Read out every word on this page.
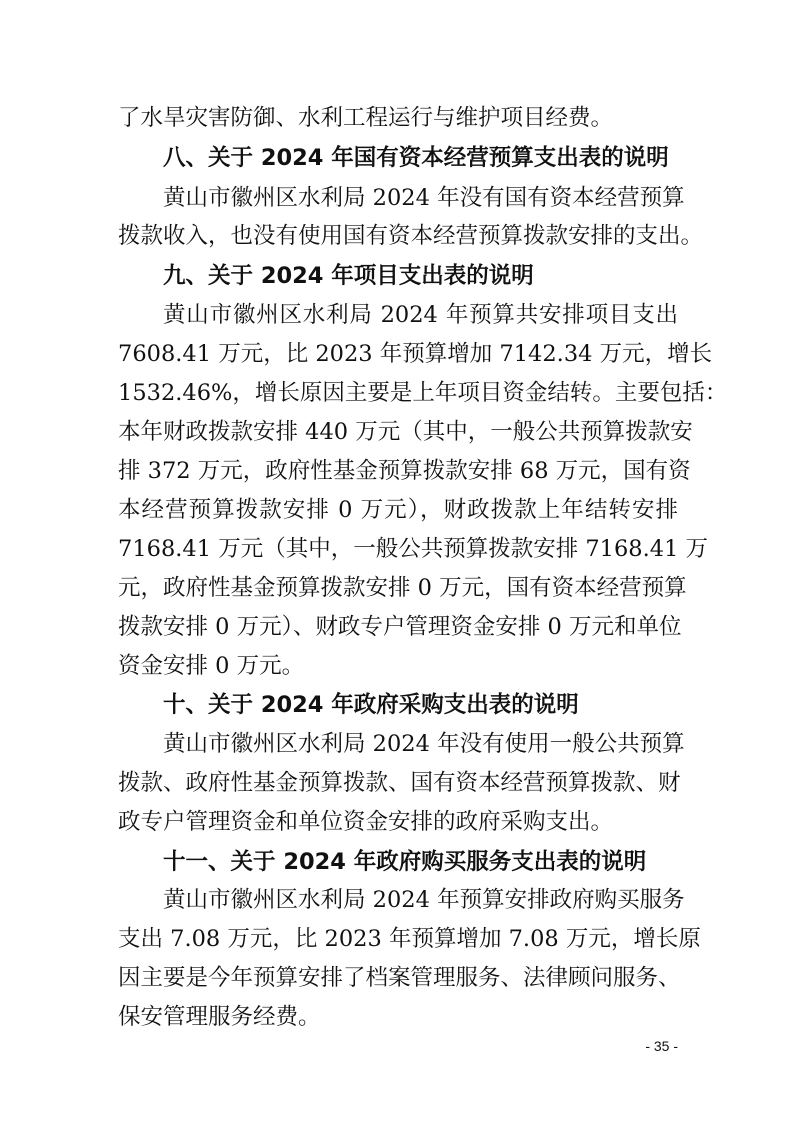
了水旱灾害防御、水利工程运行与维护项目经费。
八、关于 2024 年国有资本经营预算支出表的说明
黄山市徽州区水利局 2024 年没有国有资本经营预算
拨款收入，也没有使用国有资本经营预算拨款安排的支出。
九、关于 2024 年项目支出表的说明
黄山市徽州区水利局 2024 年预算共安排项目支出
7608.41 万元，比 2023 年预算增加 7142.34 万元，增长
1532.46%，增长原因主要是上年项目资金结转。主要包括：
本年财政拨款安排 440 万元（其中，一般公共预算拨款安
排 372 万元，政府性基金预算拨款安排 68 万元，国有资
本经营预算拨款安排 0 万元），财政拨款上年结转安排
7168.41 万元（其中，一般公共预算拨款安排 7168.41 万
元，政府性基金预算拨款安排 0 万元，国有资本经营预算
拨款安排 0 万元）、财政专户管理资金安排 0 万元和单位
资金安排 0 万元。
十、关于 2024 年政府采购支出表的说明
黄山市徽州区水利局 2024 年没有使用一般公共预算
拨款、政府性基金预算拨款、国有资本经营预算拨款、财
政专户管理资金和单位资金安排的政府采购支出。
十一、关于 2024 年政府购买服务支出表的说明
黄山市徽州区水利局 2024 年预算安排政府购买服务
支出 7.08 万元，比 2023 年预算增加 7.08 万元，增长原
因主要是今年预算安排了档案管理服务、法律顾问服务、
保安管理服务经费。
- 35 -
